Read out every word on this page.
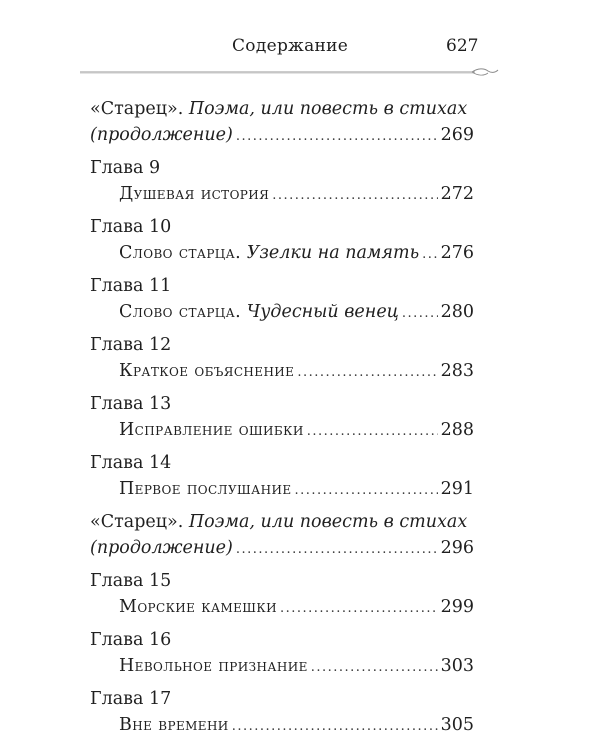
Содержание	627
«Старец». Поэма, или повесть в стихах
(продолжение) .....	269
Глава 9
Душевая история .....	272
Глава 10
Слово старца. Узелки на память ..... 276
Глава 11
Слово старца. Чудесный венец ..... 280
Глава 12
Краткое объяснение .....	283
Глава 13
Исправление ошибки .....	288
Глава 14
Первое послушание .....	291
«Старец». Поэма, или повесть в стихах
(продолжение) .....	296
Глава 15
Морские камешки .....	299
Глава 16
Невольное признание .....	303
Глава 17
Вне времени .....	305
